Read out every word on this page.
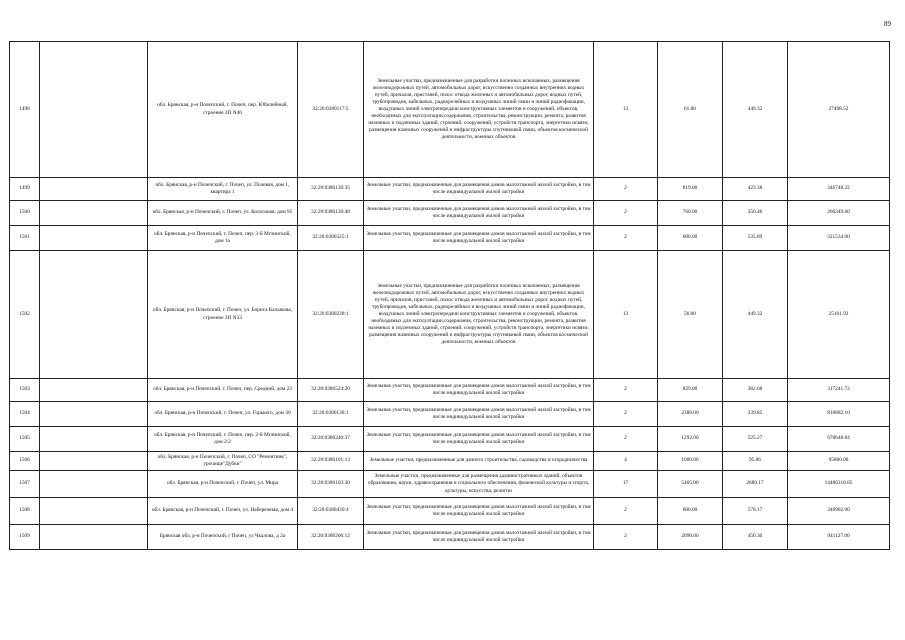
89
1498		обл. Брянская, р-н Почепский, г. Почеп, пер. Юбилейный, строение ЗП N46	32:20:0380117:5	Земельные участки, предназначенные для разработки полезных ископаемых, размещения железнодорожных путей, автомобильных дорог, искусственно созданных внутренних водных путей, причалов, пристаней, полос отвода железных и автомобильных дорог, водных путей, трубопроводов, кабельных, радиорелейных и воздушных линий связи и линий радиофикации, воздушных линий электропередачи конструктивных элементов и сооружений, объектов, необходимых для эксплуатации,содержания, строительства, реконструкции, ремонта, развития наземных и подземных зданий, строений, сооружений, устройств транспорта, энергетики иcвязи; размещения наземных сооружений и инфраструктуры спутниковой связи, объектов космической деятельности, военных объектов	13	61.00	449.32	27408.52
1499		обл. Брянская, р-н Почепский, г. Почеп, ул. Полевая, дом 1, квартира 1	32:20:0380130:35	Земельные участки, предназначенные для размещения домов малоэтажной жилой застройки, в том числе индивидуальной жилой застройки	2	819.00	423.38	346748.22
1500		обл. Брянская, р-н Почепский, г. Почеп, ул. Колхозная, дом 95	32:20:0380136:48	Земельные участки, предназначенные для размещения домов малоэтажной жилой застройки, в том числе индивидуальной жилой застройки	2	760.00	350.46	266349.60
1501		обл. Брянская, р-н Почепский, г. Почеп, пер. 3-й Мглинский, дом 1а	32:20:0380325:1	Земельные участки, предназначенные для размещения домов малоэтажной жилой застройки, в том числе индивидуальной жилой застройки	2	600.00	535.89	321534.00
1502		обл. Брянская, р-н Почепский, г. Почеп, ул. Бориса Калыкова, строение ЗП N33	32:20:0380228:1	Земельные участки, предназначенные для разработки полезных ископаемых, размещения железнодорожных путей, автомобильных дорог, искусственно созданных внутренних водных путей, причалов, пристаней, полос отвода железных и автомобильных дорог, водных путей, трубопроводов, кабельных, радиорелейных и воздушных линий связи и линий радиофикации, воздушных линий электропередачи конструктивных элементов и сооружений, объектов, необходимых для эксплуатации,содержания, строительства, реконструкции, ремонта, развития наземных и подземных зданий, строений, сооружений, устройств транспорта, энергетики иcвязи; размещения наземных сооружений и инфраструктуры спутниковой связи, объектов космической деятельности, военных объектов	13	56.00	449.32	25161.92
1503		обл. Брянская, р-н Почепский, г. Почеп, пер. Средний, дом 23	32:20:0380524:20	Земельные участки, предназначенные для размещения домов малоэтажной жилой застройки, в том числе индивидуальной жилой застройки	2	829.00	382.68	317241.72
1504		обл. Брянская, р-н Почепский, г. Почеп, ул. Горького, дом 30	32:20:0380138:1	Земельные участки, предназначенные для размещения домов малоэтажной жилой застройки, в том числе индивидуальной жилой застройки	2	2386.00	339.85	810882.10
1505		обл. Брянская, р-н Почепский, г. Почеп, пер. 2-й Мглинский, дом 2/2	32:20:0380240:37	Земельные участки, предназначенные для размещения домов малоэтажной жилой застройки, в том числе индивидуальной жилой застройки	2	1292.00	525.27	678648.84
1506		обл. Брянская, р-н Почепский, г. Почеп, СО "Ремонтник", урочище"Дубки"	32:20:0380101:13	Земельные участки, предназначенные для дачного строительства, садоводства и огородничества	4	1000.00	95.86	95860.00
1507		обл. Брянская, р-н Почепский, г. Почеп, ул. Мира	32:20:0380103:30	Земельные участки, предназначенные для размещения административных зданий, объектов образования, науки, здравоохранения и социального обеспечения, физической культуры и спорта, культуры, искусства, религии	17	5405.00	2680.17	14486318.85
1508		обл. Брянская, р-н Почепский, г. Почеп, ул. Набережная, дом 4	32:20:0380430:4	Земельные участки, предназначенные для размещения домов малоэтажной жилой застройки, в том числе индивидуальной жилой застройки	2	600.00	578.17	346902.00
1509		Брянская обл, р-н Почепский, г Почеп, ул Чкалова, д 2а	32:20:0380206:12	Земельные участки, предназначенные для размещения домов малоэтажной жилой застройки, в том числе индивидуальной жилой застройки	2	2090.00	450.30	941127.00
